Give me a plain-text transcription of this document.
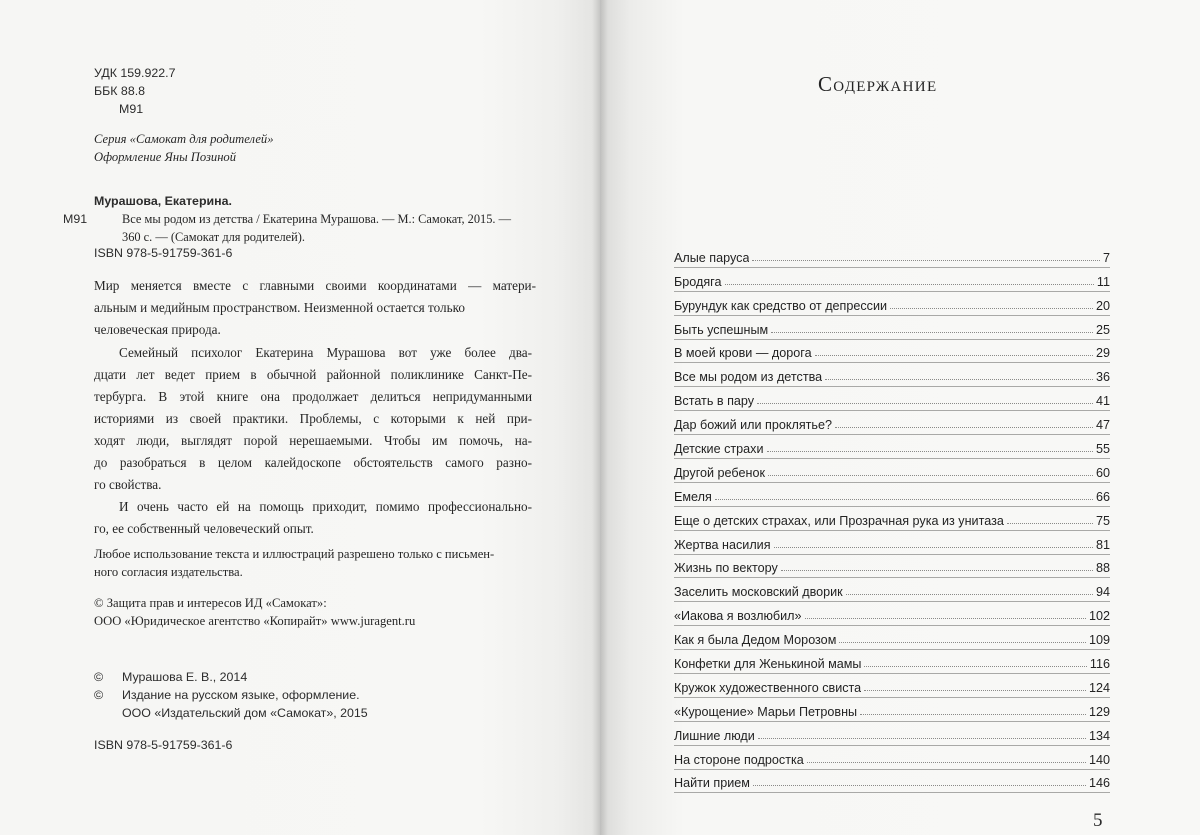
УДК 159.922.7
ББК 88.8
M91
Серия «Самокат для родителей»
Оформление Яны Позиной
Мурашова, Екатерина.
M91	Все мы родом из детства / Екатерина Мурашова. — М.: Самокат, 2015. —
360 с. — (Самокат для родителей).
ISBN 978-5-91759-361-6
Мир меняется вместе с главными своими координатами — матери-
альным и медийным пространством. Неизменной остается только
человеческая природа.
Семейный психолог Екатерина Мурашова вот уже более два-
дцати лет ведет прием в обычной районной поликлинике Санкт-Пе-
тербурга. В этой книге она продолжает делиться непридуманными
историями из своей практики. Проблемы, с которыми к ней при-
ходят люди, выглядят порой нерешаемыми. Чтобы им помочь, на-
до разобраться в целом калейдоскопе обстоятельств самого разно-
го свойства.
И очень часто ей на помощь приходит, помимо профессионально-
го, ее собственный человеческий опыт.
Любое использование текста и иллюстраций разрешено только с письмен-
ного согласия издательства.
© Защита прав и интересов ИД «Самокат»:
ООО «Юридическое агентство «Копирайт» www.juragent.ru
© Мурашова Е. В., 2014
© Издание на русском языке, оформление.
ООО «Издательский дом «Самокат», 2015
ISBN 978-5-91759-361-6
Содержание
Алые паруса	7
Бродяга	11
Бурундук как средство от депрессии	20
Быть успешным	25
В моей крови — дорога	29
Все мы родом из детства	36
Встать в пару	41
Дар божий или проклятье?	47
Детские страхи	55
Другой ребенок	60
Емеля	66
Еще о детских страхах, или Прозрачная рука из унитаза	75
Жертва насилия	81
Жизнь по вектору	88
Заселить московский дворик	94
«Иакова я возлюбил»	102
Как я была Дедом Морозом	109
Конфетки для Женькиной мамы	116
Кружок художественного свиста	124
«Курощение» Марьи Петровны	129
Лишние люди	134
На стороне подростка	140
Найти прием	146
5
